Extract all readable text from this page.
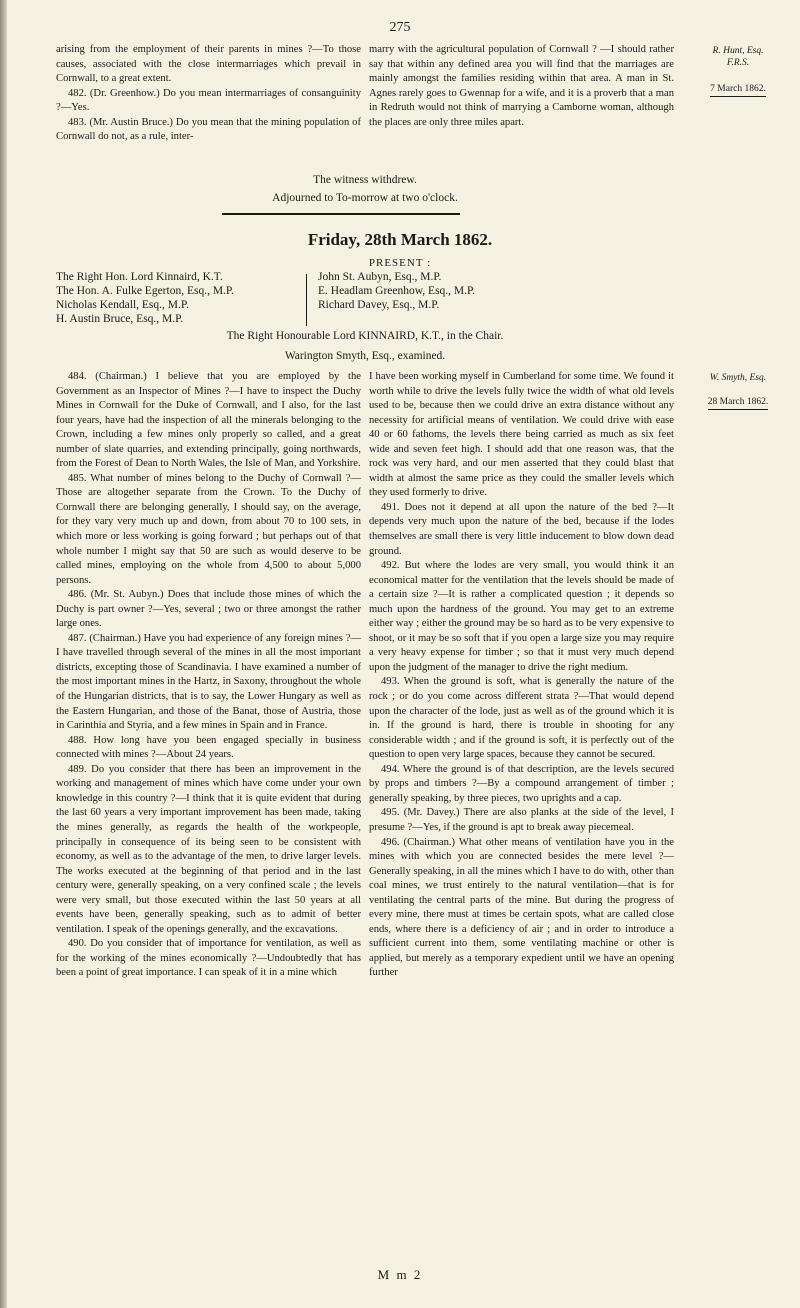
275

arising from the employment of their parents in mines ?—To those causes, associated with the close intermarriages which prevail in Cornwall, to a great extent.

482. (Dr. Greenhow.) Do you mean intermarriages of consanguinity ?—Yes.

483. (Mr. Austin Bruce.) Do you mean that the mining population of Cornwall do not, as a rule, inter-

marry with the agricultural population of Cornwall ? —I should rather say that within any defined area you will find that the marriages are mainly amongst the families residing within that area. A man in St. Agnes rarely goes to Gwennap for a wife, and it is a proverb that a man in Redruth would not think of marrying a Camborne woman, although the places are only three miles apart.

R. Hunt, Esq.
F.R.S.
7 March 1862.
The witness withdrew.
Adjourned to To-morrow at two o'clock.
Friday, 28th March 1862.
PRESENT :
The Right Hon. Lord Kinnaird, K.T.
The Hon. A. Fulke Egerton, Esq., M.P.
Nicholas Kendall, Esq., M.P.
H. Austin Bruce, Esq., M.P.
John St. Aubyn, Esq., M.P.
E. Headlam Greenhow, Esq., M.P.
Richard Davey, Esq., M.P.
The Right Honourable Lord KINNAIRD, K.T., in the Chair.
Warington Smyth, Esq., examined.
W. Smyth, Esq.
28 March 1862.

484. (Chairman.) I believe that you are employed by the Government as an Inspector of Mines ?—I have to inspect the Duchy Mines in Cornwall for the Duke of Cornwall, and I also, for the last four years, have had the inspection of all the minerals belonging to the Crown, including a few mines only properly so called, and a great number of slate quarries, and extending principally, going northwards, from the Forest of Dean to North Wales, the Isle of Man, and Yorkshire.

485. What number of mines belong to the Duchy of Cornwall ?—Those are altogether separate from the Crown. To the Duchy of Cornwall there are belonging generally, I should say, on the average, for they vary very much up and down, from about 70 to 100 sets, in which more or less working is going forward ; but perhaps out of that whole number I might say that 50 are such as would deserve to be called mines, employing on the whole from 4,500 to about 5,000 persons.

486. (Mr. St. Aubyn.) Does that include those mines of which the Duchy is part owner ?—Yes, several ; two or three amongst the rather large ones.

487. (Chairman.) Have you had experience of any foreign mines ?—I have travelled through several of the mines in all the most important districts, excepting those of Scandinavia. I have examined a number of the most important mines in the Hartz, in Saxony, throughout the whole of the Hungarian districts, that is to say, the Lower Hungary as well as the Eastern Hungarian, and those of the Banat, those of Austria, those in Carinthia and Styria, and a few mines in Spain and in France.

488. How long have you been engaged specially in business connected with mines ?—About 24 years.

489. Do you consider that there has been an improvement in the working and management of mines which have come under your own knowledge in this country ?—I think that it is quite evident that during the last 60 years a very important improvement has been made, taking the mines generally, as regards the health of the workpeople, principally in consequence of its being seen to be consistent with economy, as well as to the advantage of the men, to drive larger levels. The works executed at the beginning of that period and in the last century were, generally speaking, on a very confined scale ; the levels were very small, but those executed within the last 50 years at all events have been, generally speaking, such as to admit of better ventilation. I speak of the openings generally, and the excavations.

490. Do you consider that of importance for ventilation, as well as for the working of the mines economically ?—Undoubtedly that has been a point of great importance. I can speak of it in a mine which

I have been working myself in Cumberland for some time. We found it worth while to drive the levels fully twice the width of what old levels used to be, because then we could drive an extra distance without any necessity for artificial means of ventilation. We could drive with ease 40 or 60 fathoms, the levels there being carried as much as six feet wide and seven feet high. I should add that one reason was, that the rock was very hard, and our men asserted that they could blast that width at almost the same price as they could the smaller levels which they used formerly to drive.

491. Does not it depend at all upon the nature of the bed ?—It depends very much upon the nature of the bed, because if the lodes themselves are small there is very little inducement to blow down dead ground.

492. But where the lodes are very small, you would think it an economical matter for the ventilation that the levels should be made of a certain size ?—It is rather a complicated question ; it depends so much upon the hardness of the ground. You may get to an extreme either way ; either the ground may be so hard as to be very expensive to shoot, or it may be so soft that if you open a large size you may require a very heavy expense for timber ; so that it must very much depend upon the judgment of the manager to drive the right medium.

493. When the ground is soft, what is generally the nature of the rock ; or do you come across different strata ?—That would depend upon the character of the lode, just as well as of the ground which it is in. If the ground is hard, there is trouble in shooting for any considerable width ; and if the ground is soft, it is perfectly out of the question to open very large spaces, because they cannot be secured.

494. Where the ground is of that description, are the levels secured by props and timbers ?—By a compound arrangement of timber ; generally speaking, by three pieces, two uprights and a cap.

495. (Mr. Davey.) There are also planks at the side of the level, I presume ?—Yes, if the ground is apt to break away piecemeal.

496. (Chairman.) What other means of ventilation have you in the mines with which you are connected besides the mere level ?—Generally speaking, in all the mines which I have to do with, other than coal mines, we trust entirely to the natural ventilation—that is for ventilating the central parts of the mine. But during the progress of every mine, there must at times be certain spots, what are called close ends, where there is a deficiency of air ; and in order to introduce a sufficient current into them, some ventilating machine or other is applied, but merely as a temporary expedient until we have an opening further

M m 2
